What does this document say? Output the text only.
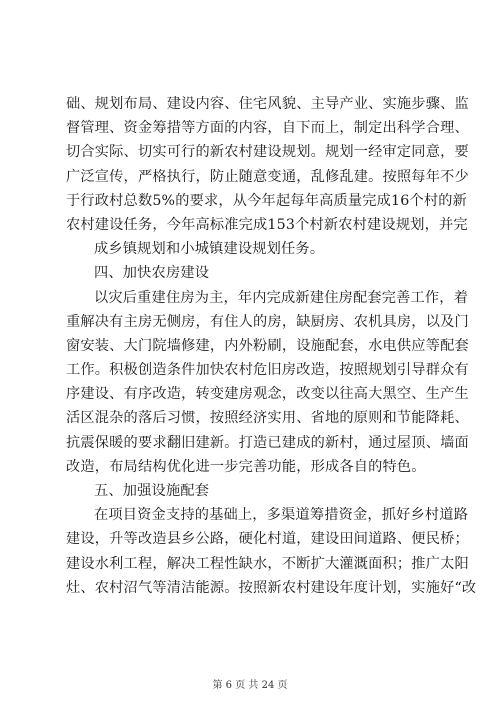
础、规划布局、建设内容、住宅风貌、主导产业、实施步骤、监
督管理、资金筹措等方面的内容，自下而上，制定出科学合理、
切合实际、切实可行的新农村建设规划。规划一经审定同意，要
广泛宣传，严格执行，防止随意变通，乱修乱建。按照每年不少
于行政村总数5%的要求，从今年起每年高质量完成16个村的新
农村建设任务，今年高标准完成153个村新农村建设规划，并完
成乡镇规划和小城镇建设规划任务。
四、加快农房建设
以灾后重建住房为主，年内完成新建住房配套完善工作，着
重解决有主房无侧房，有住人的房，缺厨房、农机具房，以及门
窗安装、大门院墙修建，内外粉刷，设施配套，水电供应等配套
工作。积极创造条件加快农村危旧房改造，按照规划引导群众有
序建设、有序改造，转变建房观念，改变以往高大黑空、生产生
活区混杂的落后习惯，按照经济实用、省地的原则和节能降耗、
抗震保暖的要求翻旧建新。打造已建成的新村，通过屋顶、墙面
改造，布局结构优化进一步完善功能，形成各自的特色。
五、加强设施配套
在项目资金支持的基础上，多渠道筹措资金，抓好乡村道路
建设，升等改造县乡公路，硬化村道，建设田间道路、便民桥；
建设水利工程，解决工程性缺水，不断扩大灌溉面积；推广太阳
灶、农村沼气等清洁能源。按照新农村建设年度计划，实施好“改
第 6 页 共 24 页
